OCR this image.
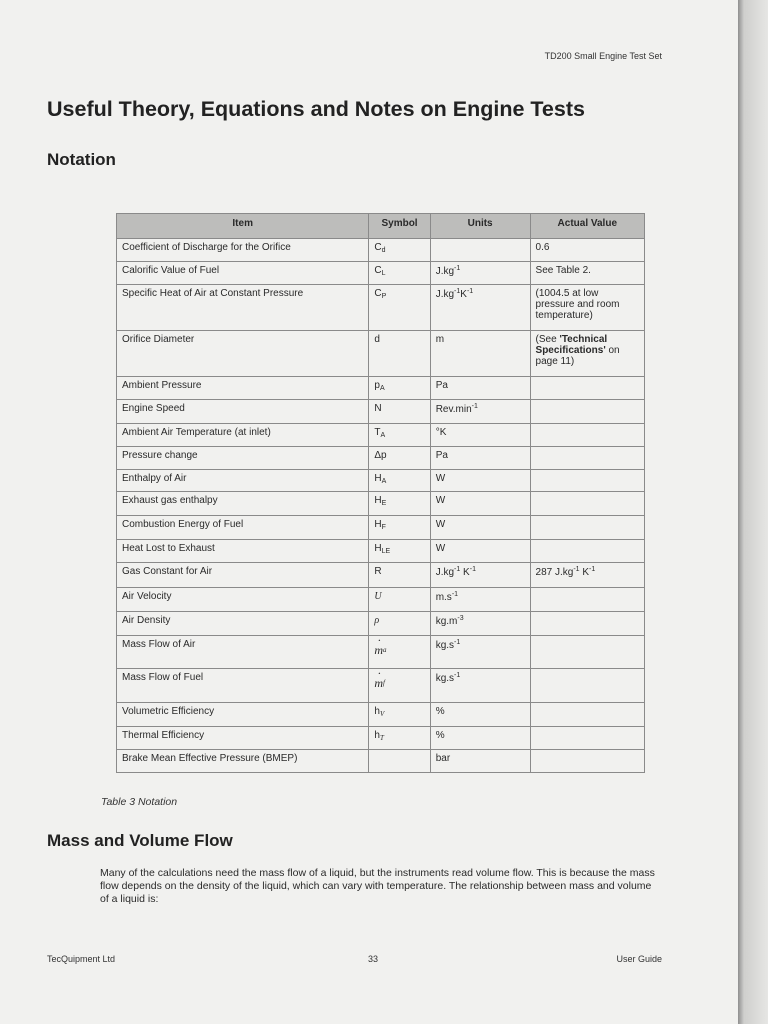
TD200 Small Engine Test Set
Useful Theory, Equations and Notes on Engine Tests
Notation
Item	Symbol	Units	Actual Value
Coefficient of Discharge for the Orifice	$C_d$		0.6
Calorific Value of Fuel	$C_L$	$J.kg^{-1}$	See Table 2.
Specific Heat of Air at Constant Pressure	$C_P$	$J.kg^{-1}K^{-1}$	(1004.5 at low pressure and room temperature)
Orifice Diameter	d	m	(See 'Technical Specifications' on page 11)
Ambient Pressure	$p_A$	Pa	
Engine Speed	N	$Rev.\min^{-1}$	
Ambient Air Temperature (at inlet)	$T_A$	°K	
Pressure change	Δp	Pa	
Enthalpy of Air	$H_A$	W	
Exhaust gas enthalpy	$H_E$	W	
Combustion Energy of Fuel	$H_F$	W	
Heat Lost to Exhaust	$H_{LE}$	W	
Gas Constant for Air	R	$J.kg^{-1}$ $K^{-1}$	287 $J.kg^{-1}$ $K^{-1}$
Air Velocity	U	$m.s^{-1}$	
Air Density	ρ	$kg.m^{-3}$	
Mass Flow of Air	· $m_a$	$kg.s^{-1}$	
Mass Flow of Fuel	· $m_f$	$kg.s^{-1}$	
Volumetric Efficiency	$h_V$	%	
Thermal Efficiency	$h_T$	%	
Brake Mean Effective Pressure (BMEP)		bar	
Table 3 Notation
Mass and Volume Flow

Many of the calculations need the mass flow of a liquid, but the instruments read volume flow. This is because the mass flow depends on the density of the liquid, which can vary with temperature. The relationship between mass and volume of a liquid is:

TecQuipment Ltd	33	User Guide
